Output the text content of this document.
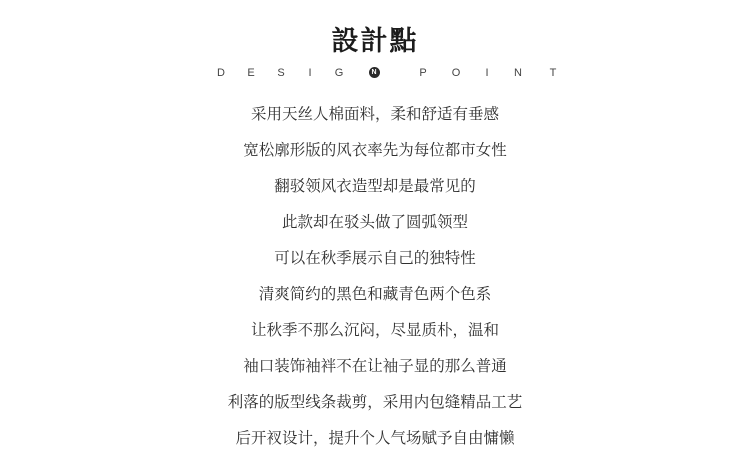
設計點
D E S I G	N	P O I N	T
采用天丝人棉面料，柔和舒适有垂感
宽松廓形版的风衣率先为每位都市女性
翻驳领风衣造型却是最常见的
此款却在驳头做了圆弧领型
可以在秋季展示自己的独特性
清爽简约的黑色和藏青色两个色系
让秋季不那么沉闷，尽显质朴，温和
袖口装饰袖袢不在让袖子显的那么普通
利落的版型线条裁剪，采用内包缝精品工艺
后开衩设计，提升个人气场赋予自由慵懒
